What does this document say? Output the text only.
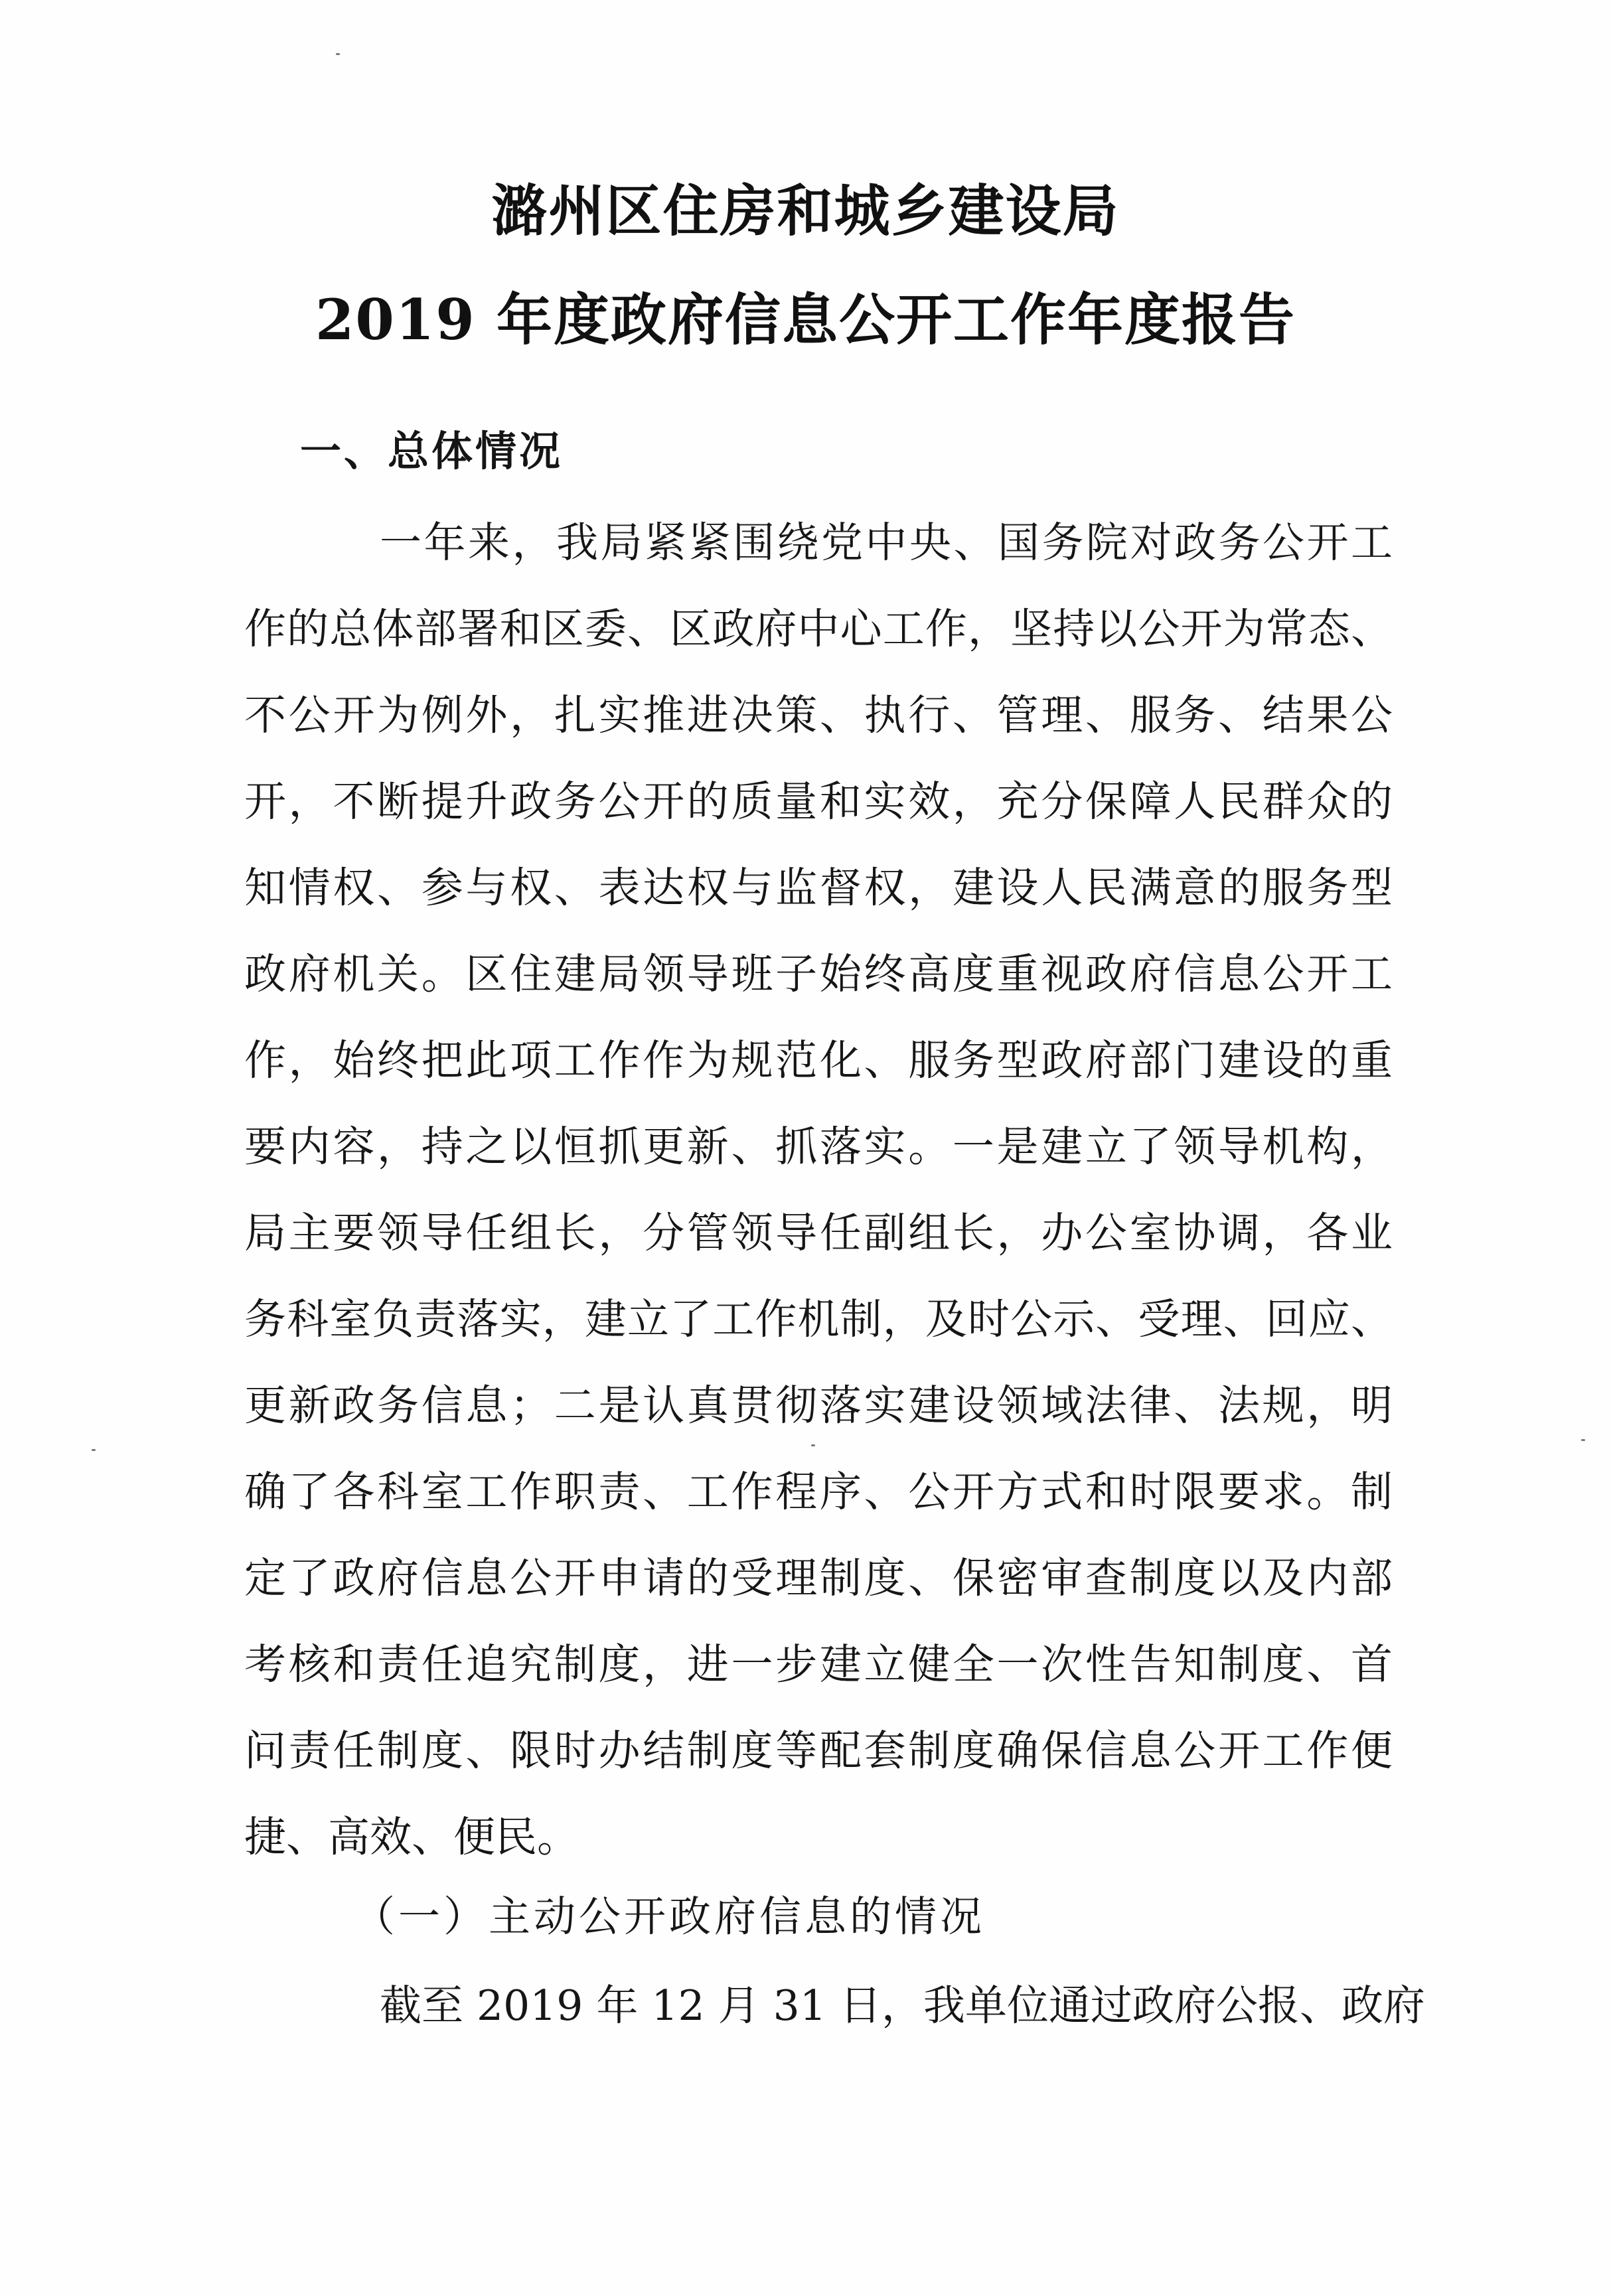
潞州区住房和城乡建设局
2019 年度政府信息公开工作年度报告
一、总体情况
一年来，我局紧紧围绕党中央、国务院对政务公开工
作的总体部署和区委、区政府中心工作，坚持以公开为常态、
不公开为例外，扎实推进决策、执行、管理、服务、结果公
开，不断提升政务公开的质量和实效，充分保障人民群众的
知情权、参与权、表达权与监督权，建设人民满意的服务型
政府机关。区住建局领导班子始终高度重视政府信息公开工
作，始终把此项工作作为规范化、服务型政府部门建设的重
要内容，持之以恒抓更新、抓落实。一是建立了领导机构，
局主要领导任组长，分管领导任副组长，办公室协调，各业
务科室负责落实，建立了工作机制，及时公示、受理、回应、
更新政务信息；二是认真贯彻落实建设领域法律、法规，明
确了各科室工作职责、工作程序、公开方式和时限要求。制
定了政府信息公开申请的受理制度、保密审查制度以及内部
考核和责任追究制度，进一步建立健全一次性告知制度、首
问责任制度、限时办结制度等配套制度确保信息公开工作便
捷、高效、便民。
（一）主动公开政府信息的情况
截至 2019 年 12 月 31 日，我单位通过政府公报、政府
